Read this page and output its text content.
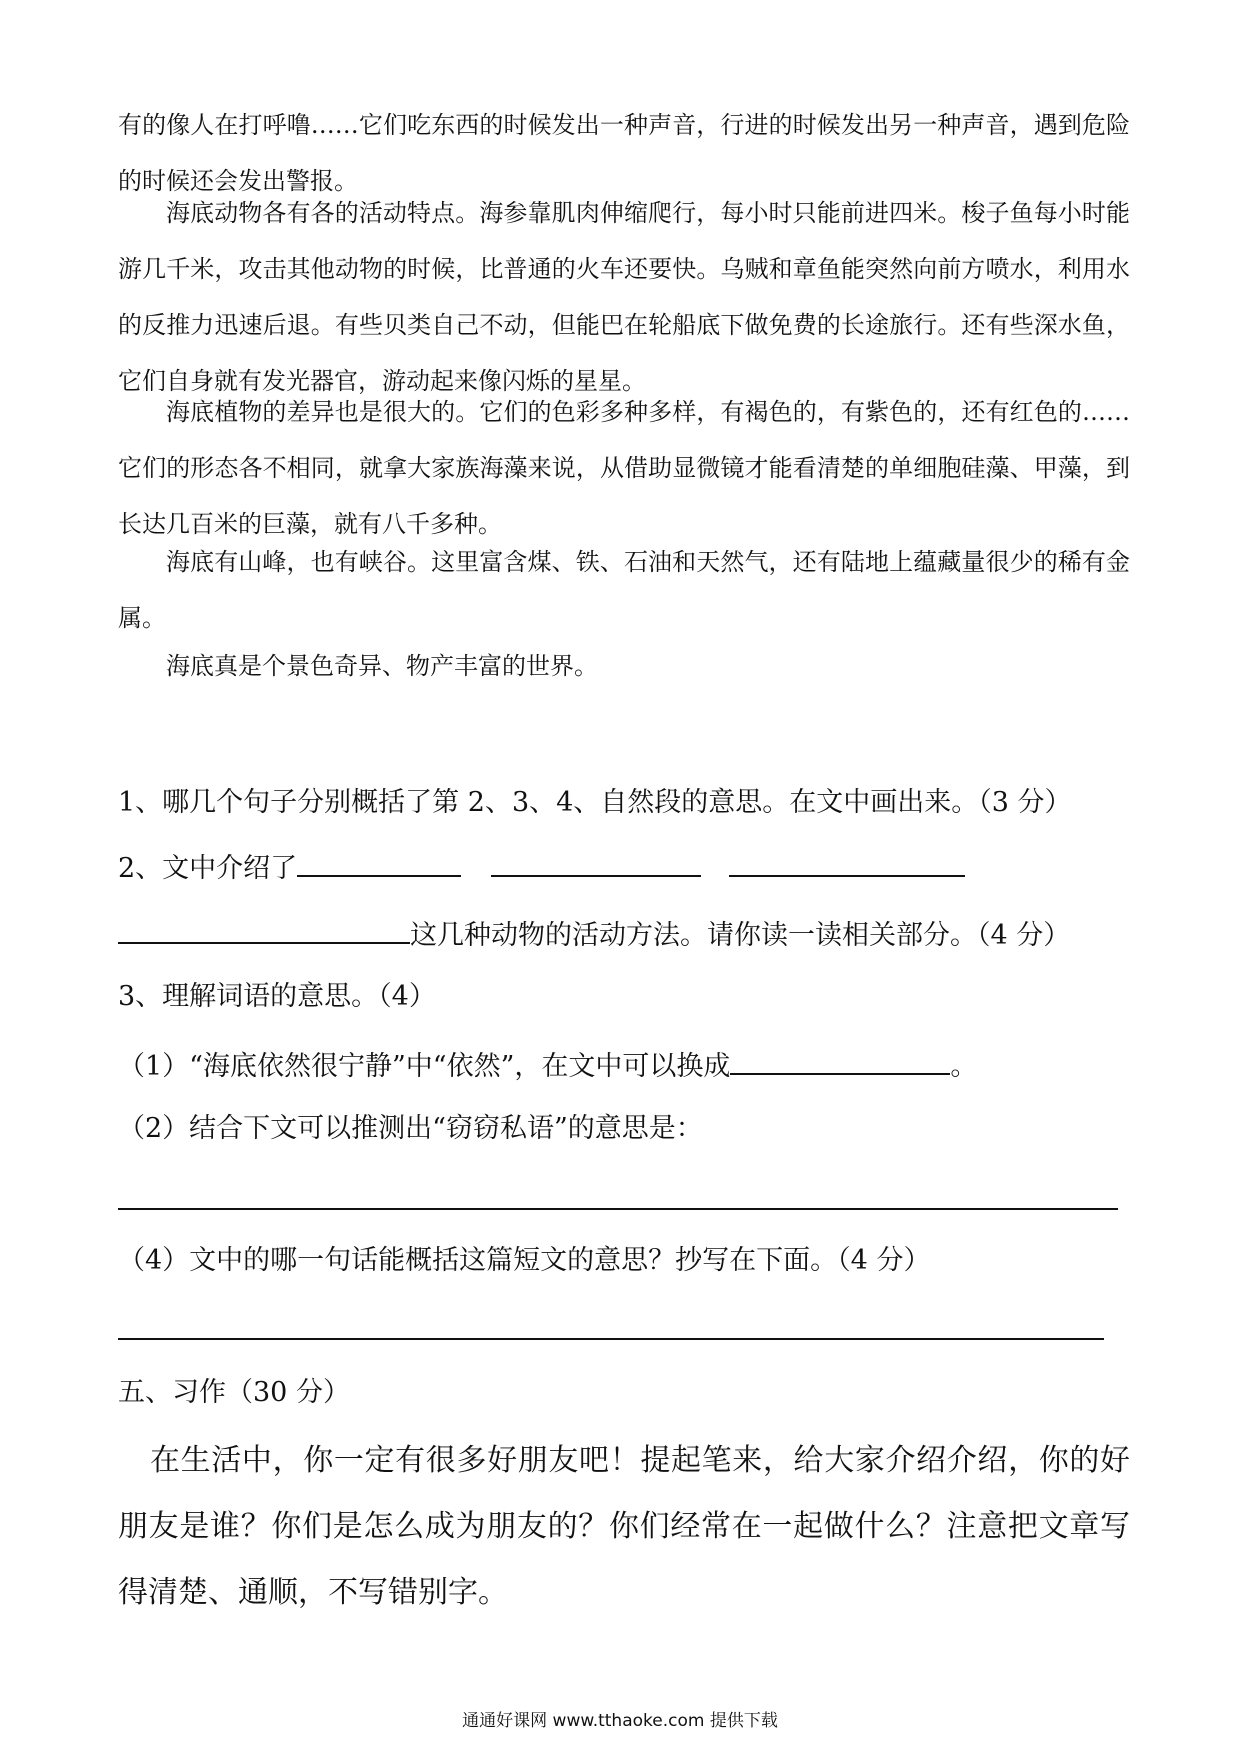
有的像人在打呼噜……它们吃东西的时候发出一种声音，行进的时候发出另一种声音，遇到危险的时候还会发出警报。

海底动物各有各的活动特点。海参靠肌肉伸缩爬行，每小时只能前进四米。梭子鱼每小时能游几千米，攻击其他动物的时候，比普通的火车还要快。乌贼和章鱼能突然向前方喷水，利用水的反推力迅速后退。有些贝类自己不动，但能巴在轮船底下做免费的长途旅行。还有些深水鱼，它们自身就有发光器官，游动起来像闪烁的星星。

海底植物的差异也是很大的。它们的色彩多种多样，有褐色的，有紫色的，还有红色的……它们的形态各不相同，就拿大家族海藻来说，从借助显微镜才能看清楚的单细胞硅藻、甲藻，到长达几百米的巨藻，就有八千多种。

海底有山峰，也有峡谷。这里富含煤、铁、石油和天然气，还有陆地上蕴藏量很少的稀有金属。

海底真是个景色奇异、物产丰富的世界。

1、哪几个句子分别概括了第 2、3、4、自然段的意思。在文中画出来。（3 分）

2、文中介绍了
这几种动物的活动方法。请你读一读相关部分。（4 分）

3、理解词语的意思。（4）

（1）“海底依然很宁静”中“依然”，在文中可以换成	。

（2）结合下文可以推测出“窃窃私语”的意思是：

（4）文中的哪一句话能概括这篇短文的意思？抄写在下面。（4 分）

五、习作（30 分）

在生活中，你一定有很多好朋友吧！提起笔来，给大家介绍介绍，你的好朋友是谁？你们是怎么成为朋友的？你们经常在一起做什么？注意把文章写得清楚、通顺，不写错别字。

通通好课网 www.tthaoke.com 提供下载
